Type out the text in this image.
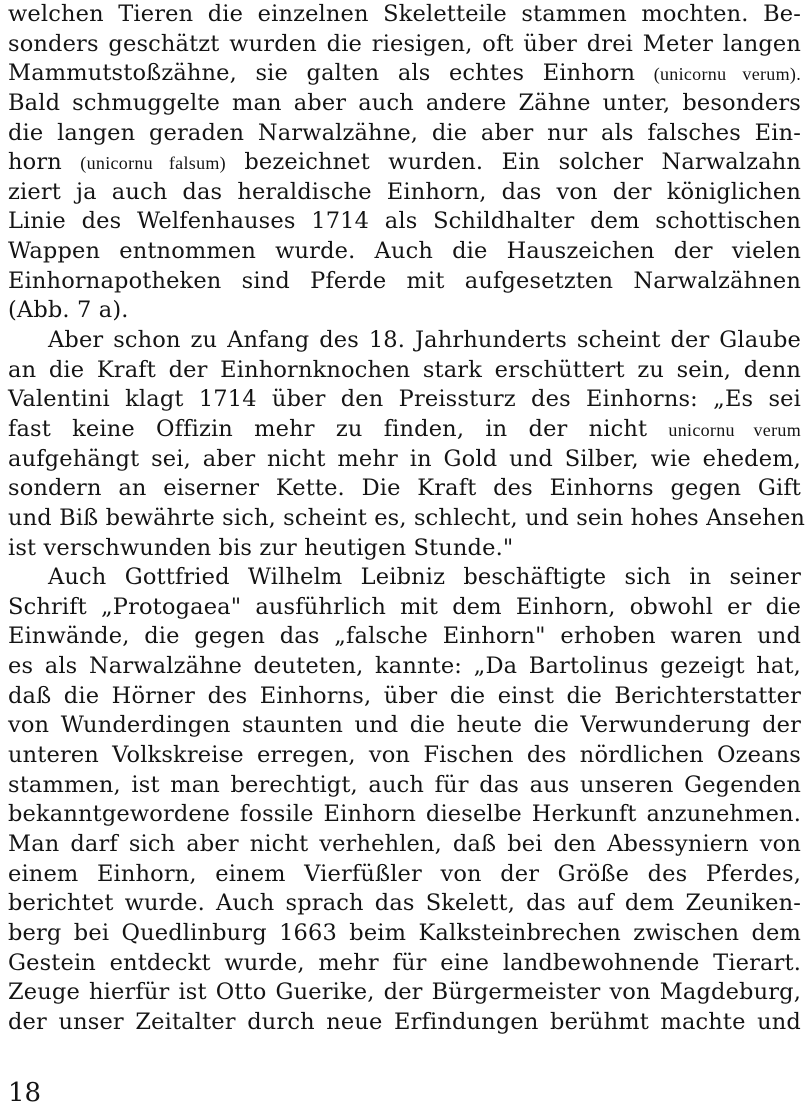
welchen Tieren die einzelnen Skeletteile stammen mochten. Be-
sonders geschätzt wurden die riesigen, oft über drei Meter langen
Mammutstoßzähne, sie galten als echtes Einhorn (unicornu verum).
Bald schmuggelte man aber auch andere Zähne unter, besonders
die langen geraden Narwalzähne, die aber nur als falsches Ein-
horn (unicornu falsum) bezeichnet wurden. Ein solcher Narwalzahn
ziert ja auch das heraldische Einhorn, das von der königlichen
Linie des Welfenhauses 1714 als Schildhalter dem schottischen
Wappen entnommen wurde. Auch die Hauszeichen der vielen
Einhornapotheken sind Pferde mit aufgesetzten Narwalzähnen
(Abb. 7 a).
Aber schon zu Anfang des 18. Jahrhunderts scheint der Glaube
an die Kraft der Einhornknochen stark erschüttert zu sein, denn
Valentini klagt 1714 über den Preissturz des Einhorns: „Es sei
fast keine Offizin mehr zu finden, in der nicht unicornu verum
aufgehängt sei, aber nicht mehr in Gold und Silber, wie ehedem,
sondern an eiserner Kette. Die Kraft des Einhorns gegen Gift
und Biß bewährte sich, scheint es, schlecht, und sein hohes Ansehen
ist verschwunden bis zur heutigen Stunde."
Auch Gottfried Wilhelm Leibniz beschäftigte sich in seiner
Schrift „Protogaea" ausführlich mit dem Einhorn, obwohl er die
Einwände, die gegen das „falsche Einhorn" erhoben waren und
es als Narwalzähne deuteten, kannte: „Da Bartolinus gezeigt hat,
daß die Hörner des Einhorns, über die einst die Berichterstatter
von Wunderdingen staunten und die heute die Verwunderung der
unteren Volkskreise erregen, von Fischen des nördlichen Ozeans
stammen, ist man berechtigt, auch für das aus unseren Gegenden
bekanntgewordene fossile Einhorn dieselbe Herkunft anzunehmen.
Man darf sich aber nicht verhehlen, daß bei den Abessyniern von
einem Einhorn, einem Vierfüßler von der Größe des Pferdes,
berichtet wurde. Auch sprach das Skelett, das auf dem Zeuniken-
berg bei Quedlinburg 1663 beim Kalksteinbrechen zwischen dem
Gestein entdeckt wurde, mehr für eine landbewohnende Tierart.
Zeuge hierfür ist Otto Guerike, der Bürgermeister von Magdeburg,
der unser Zeitalter durch neue Erfindungen berühmt machte und
18
